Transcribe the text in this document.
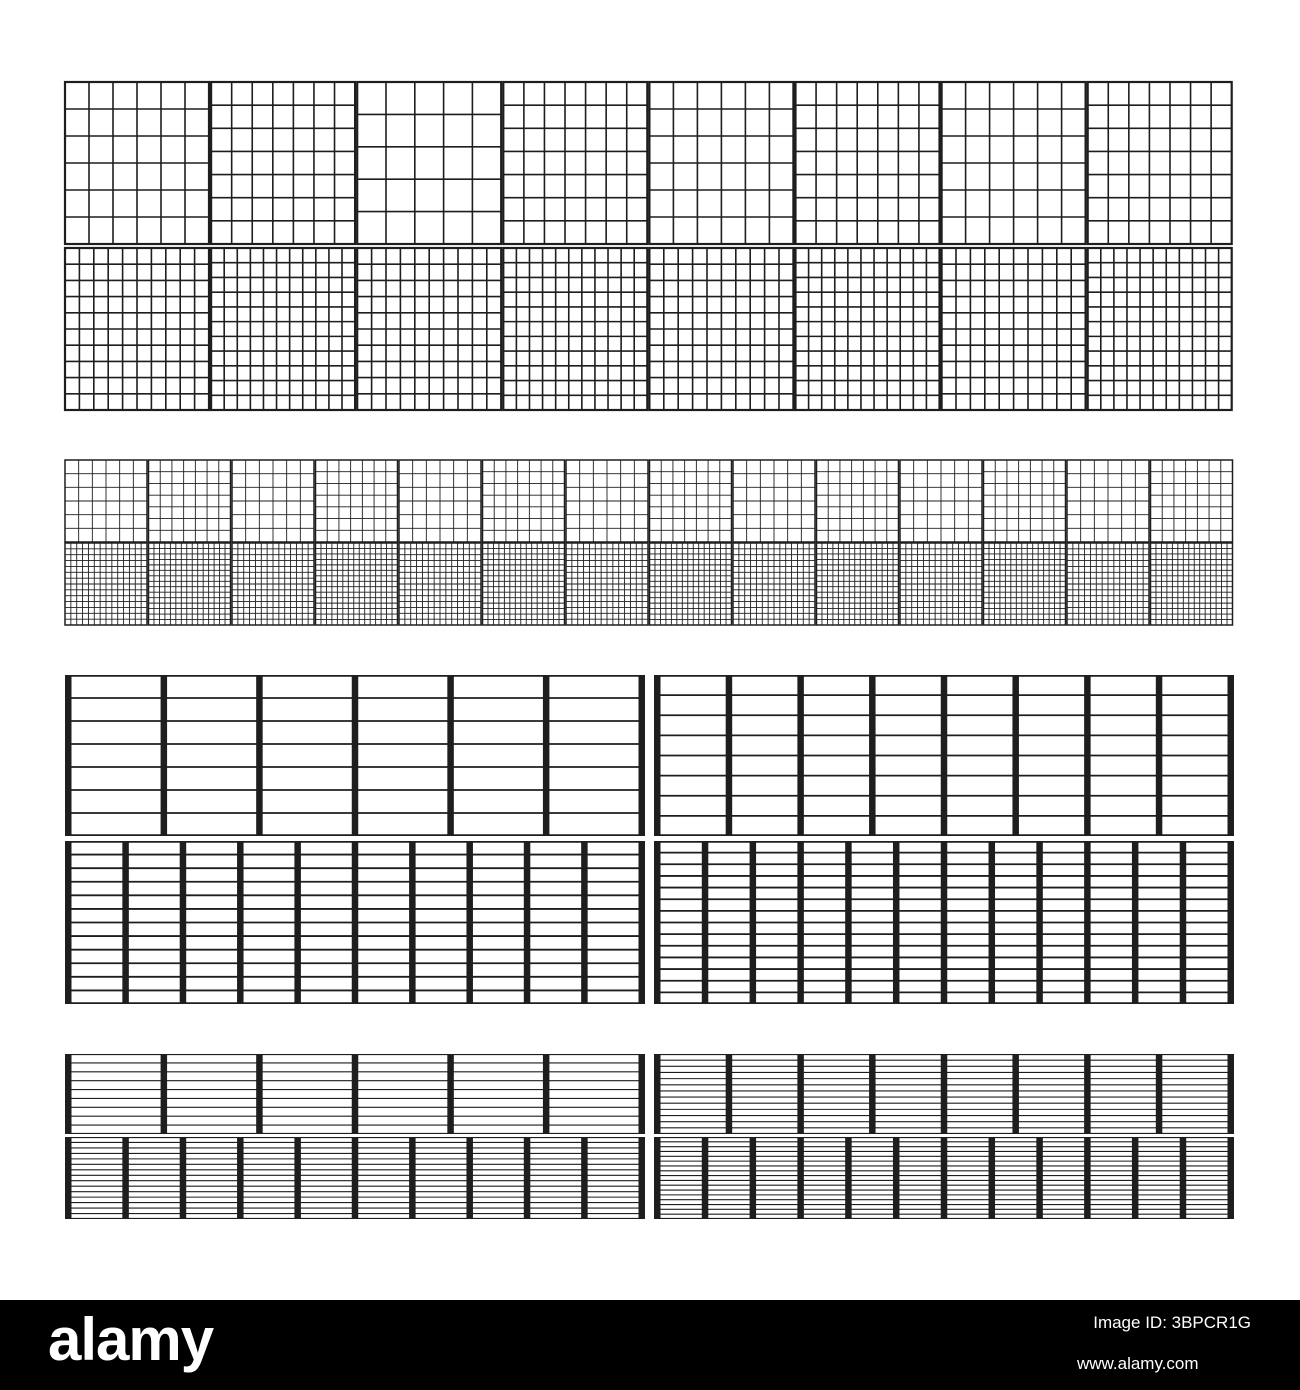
alamy	Image ID: 3BPCR1G
www.alamy.com
